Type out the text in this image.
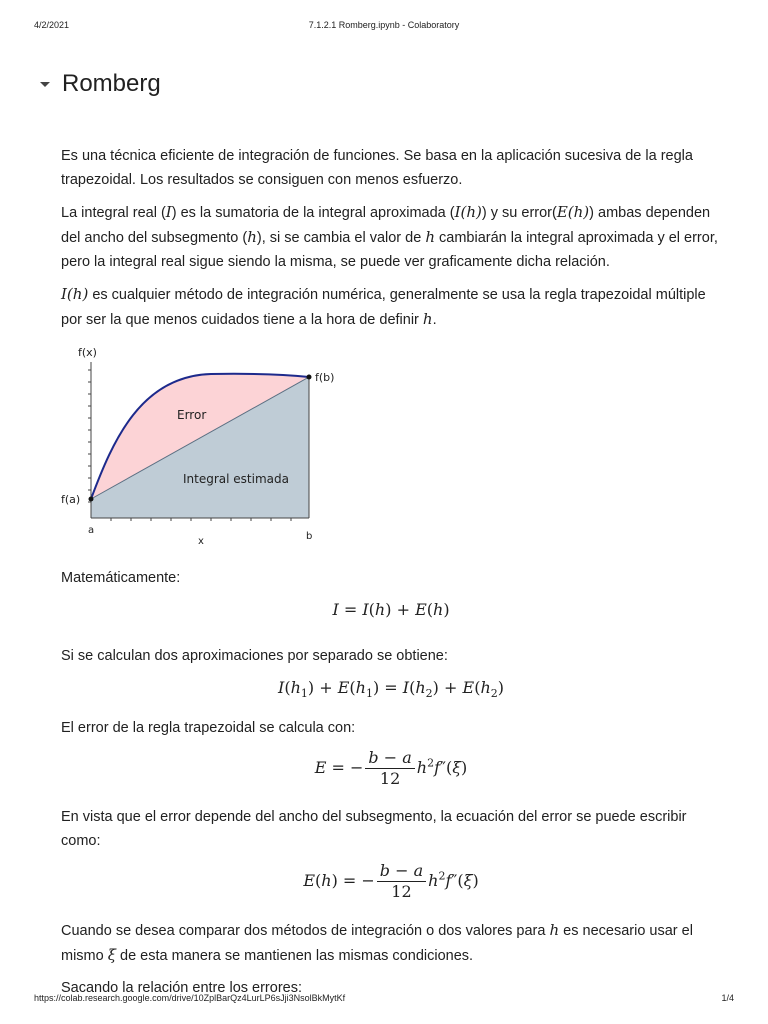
4/2/2021	7.1.2.1 Romberg.ipynb - Colaboratory
Romberg

Es una técnica eficiente de integración de funciones. Se basa en la aplicación sucesiva de la regla trapezoidal. Los resultados se consiguen con menos esfuerzo.

La integral real (I) es la sumatoria de la integral aproximada (I(h)) y su error(E(h)) ambas dependen del ancho del subsegmento (h), si se cambia el valor de h cambiarán la integral aproximada y el error, pero la integral real sigue siendo la misma, se puede ver graficamente dicha relación.

I(h) es cualquier método de integración numérica, generalmente se usa la regla trapezoidal múltiple por ser la que menos cuidados tiene a la hora de definir h.

f(x)
f(b)
f(a)
Error
Integral estimada
a
x	b

Matemáticamente:

I = I(h) + E(h)

Si se calculan dos aproximaciones por separado se obtiene:

$I(h_1) + E(h_1) = I(h_2) + E(h_2)$

El error de la regla trapezoidal se calcula con:

E = − $\frac{b - a}{12} h^2f''(\xi)$

En vista que el error depende del ancho del subsegmento, la ecuación del error se puede escribir como:

E(h) = − $\frac{b - a}{12} h^2f''(\xi)$

Cuando se desea comparar dos métodos de integración o dos valores para h es necesario usar el mismo ξ de esta manera se mantienen las mismas condiciones.

Sacando la relación entre los errores:

https://colab.research.google.com/drive/10ZplBarQz4LurLP6sJji3NsolBkMytKf	1/4
